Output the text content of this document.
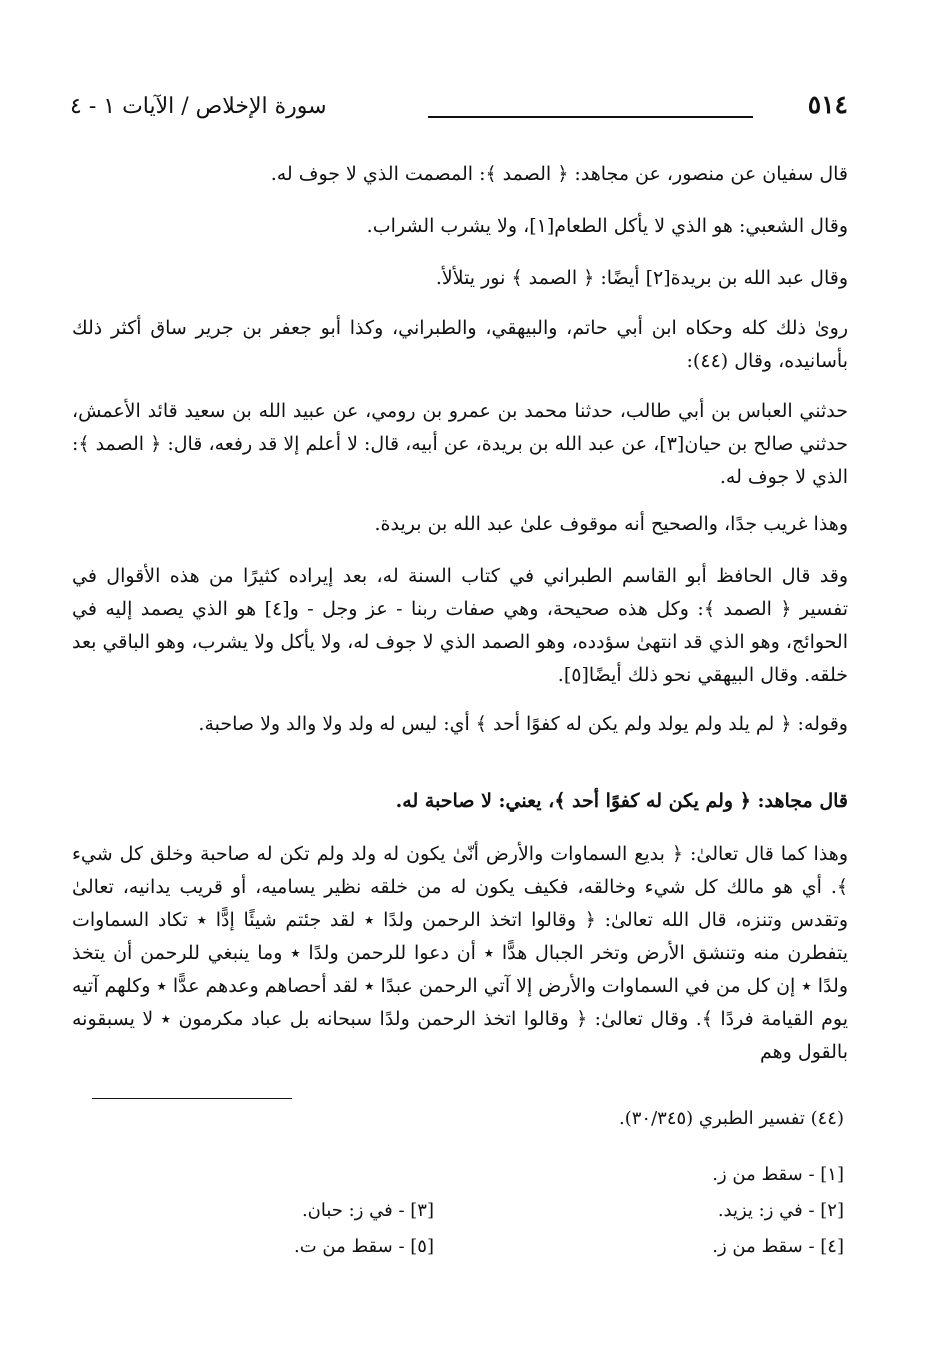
٥١٤
سورة الإخلاص / الآيات ١ - ٤

قال سفيان عن منصور، عن مجاهد: ﴿ الصمد ﴾: المصمت الذي لا جوف له.

وقال الشعبي: هو الذي لا يأكل الطعام[١]، ولا يشرب الشراب.

وقال عبد الله بن بريدة[٢] أيضًا: ﴿ الصمد ﴾ نور يتلألأ.

روىٰ ذلك كله وحكاه ابن أبي حاتم، والبيهقي، والطبراني، وكذا أبو جعفر بن جرير ساق أكثر ذلك بأسانيده، وقال (٤٤):

حدثني العباس بن أبي طالب، حدثنا محمد بن عمرو بن رومي، عن عبيد الله بن سعيد قائد الأعمش، حدثني صالح بن حيان[٣]، عن عبد الله بن بريدة، عن أبيه، قال: لا أعلم إلا قد رفعه، قال: ﴿ الصمد ﴾: الذي لا جوف له.

وهذا غريب جدًا، والصحيح أنه موقوف علىٰ عبد الله بن بريدة.

وقد قال الحافظ أبو القاسم الطبراني في كتاب السنة له، بعد إيراده كثيرًا من هذه الأقوال في تفسير ﴿ الصمد ﴾: وكل هذه صحيحة، وهي صفات ربنا - عز وجل - و[٤] هو الذي يصمد إليه في الحوائج، وهو الذي قد انتهىٰ سؤدده، وهو الصمد الذي لا جوف له، ولا يأكل ولا يشرب، وهو الباقي بعد خلقه. وقال البيهقي نحو ذلك أيضًا[٥].

وقوله: ﴿ لم يلد ولم يولد ولم يكن له كفوًا أحد ﴾ أي: ليس له ولد ولا والد ولا صاحبة.

قال مجاهد: ﴿ ولم يكن له كفوًا أحد ﴾، يعني: لا صاحبة له.

وهذا كما قال تعالىٰ: ﴿ بديع السماوات والأرض أنّىٰ يكون له ولد ولم تكن له صاحبة وخلق كل شيء ﴾. أي هو مالك كل شيء وخالقه، فكيف يكون له من خلقه نظير يساميه، أو قريب يدانيه، تعالىٰ وتقدس وتنزه، قال الله تعالىٰ: ﴿ وقالوا اتخذ الرحمن ولدًا ٭ لقد جئتم شيئًا إدًّا ٭ تكاد السماوات يتفطرن منه وتنشق الأرض وتخر الجبال هدًّا ٭ أن دعوا للرحمن ولدًا ٭ وما ينبغي للرحمن أن يتخذ ولدًا ٭ إن كل من في السماوات والأرض إلا آتي الرحمن عبدًا ٭ لقد أحصاهم وعدهم عدًّا ٭ وكلهم آتيه يوم القيامة فردًا ﴾. وقال تعالىٰ: ﴿ وقالوا اتخذ الرحمن ولدًا سبحانه بل عباد مكرمون ٭ لا يسبقونه بالقول وهم

(٤٤) تفسير الطبري (٣٠/٣٤٥).
[١] - سقط من ز.
[٢] - في ز: يزيد.
[٤] - سقط من ز.
[٣] - في ز: حبان.
[٥] - سقط من ت.
